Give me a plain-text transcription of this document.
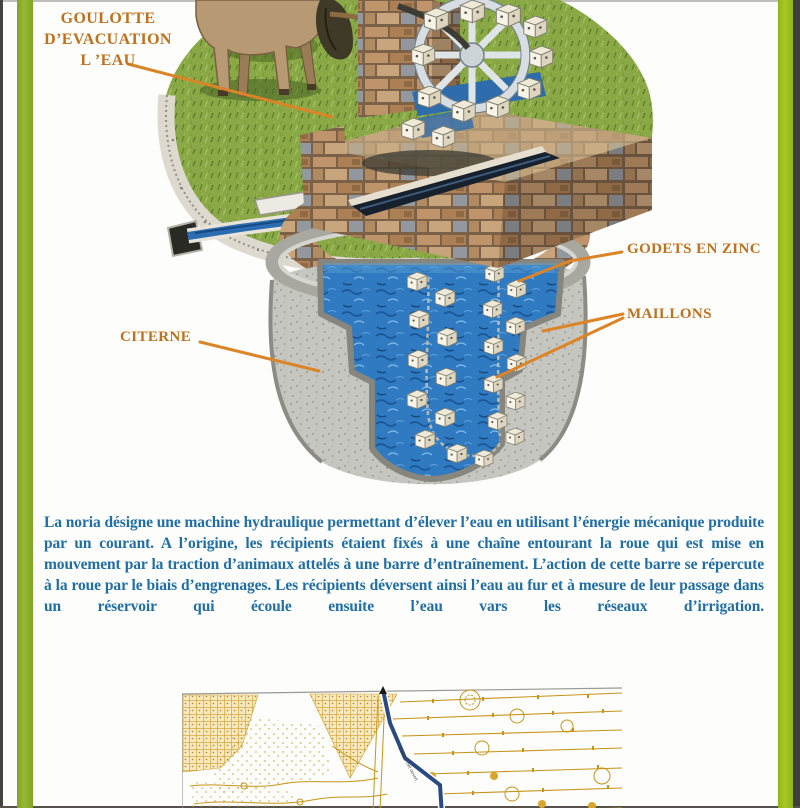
GOULOTTE
D’EVACUATION
L ’EAU
GODETS EN ZINC
MAILLONS
CITERNE

La noria désigne une machine hydraulique permettant d’élever l’eau en utilisant l’énergie mécanique produite par un courant. A l’origine, les récipients étaient fixés à une chaîne entourant la roue qui est mise en mouvement par la traction d’animaux attelés à une barre d’entraînement. L’action de cette barre se répercute à la roue par le biais d’engrenages. Les récipients déversent ainsi l’eau au fur et à mesure de leur passage dans un réservoir qui écoule ensuite l’eau vars les réseaux d’irrigation.

Canal à ciel ouvert
